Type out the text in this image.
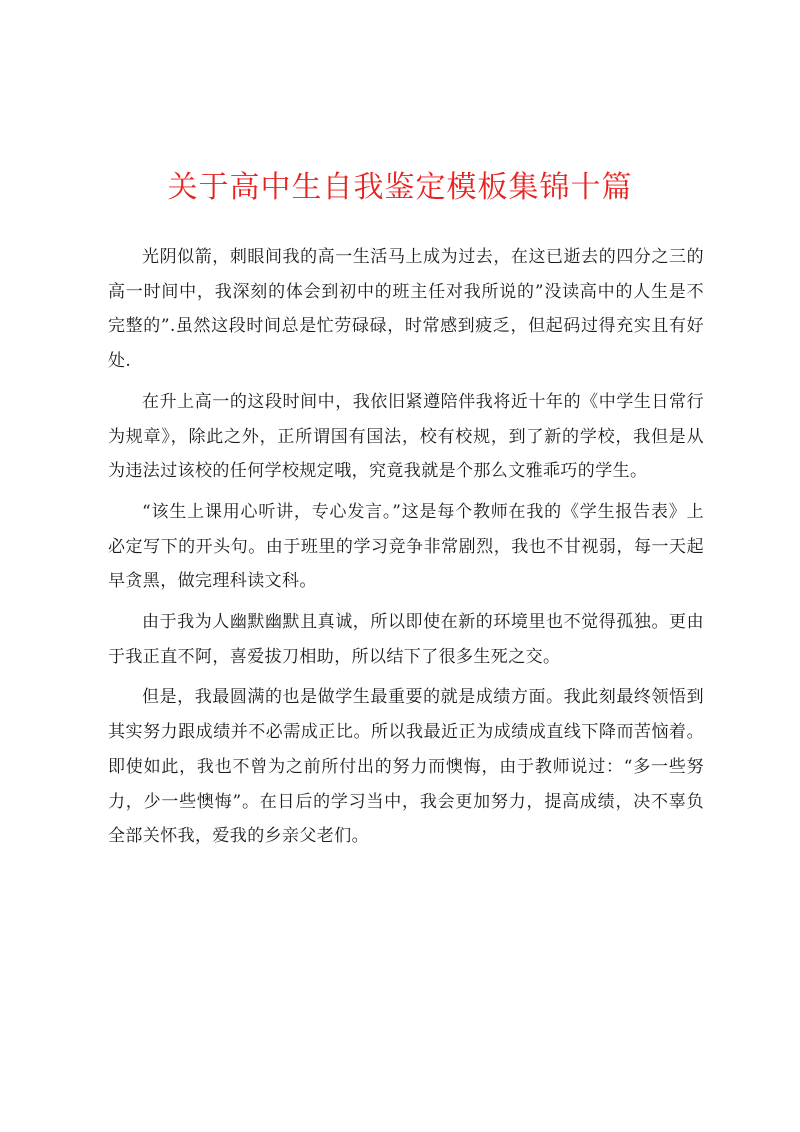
关于高中生自我鉴定模板集锦十篇

光阴似箭，刺眼间我的高一生活马上成为过去，在这已逝去的四分之三的高一时间中，我深刻的体会到初中的班主任对我所说的”没读高中的人生是不完整的”.虽然这段时间总是忙劳碌碌，时常感到疲乏，但起码过得充实且有好处.

在升上高一的这段时间中，我依旧紧遵陪伴我将近十年的《中学生日常行为规章》，除此之外，正所谓国有国法，校有校规，到了新的学校，我但是从为违法过该校的任何学校规定哦，究竟我就是个那么文雅乖巧的学生。

“该生上课用心听讲，专心发言。”这是每个教师在我的《学生报告表》上必定写下的开头句。由于班里的学习竞争非常剧烈，我也不甘视弱，每一天起早贪黑，做完理科读文科。

由于我为人幽默幽默且真诚，所以即使在新的环境里也不觉得孤独。更由于我正直不阿，喜爱拔刀相助，所以结下了很多生死之交。

但是，我最圆满的也是做学生最重要的就是成绩方面。我此刻最终领悟到其实努力跟成绩并不必需成正比。所以我最近正为成绩成直线下降而苦恼着。即使如此，我也不曾为之前所付出的努力而懊悔，由于教师说过：“多一些努力，少一些懊悔”。在日后的学习当中，我会更加努力，提高成绩，决不辜负全部关怀我，爱我的乡亲父老们。
